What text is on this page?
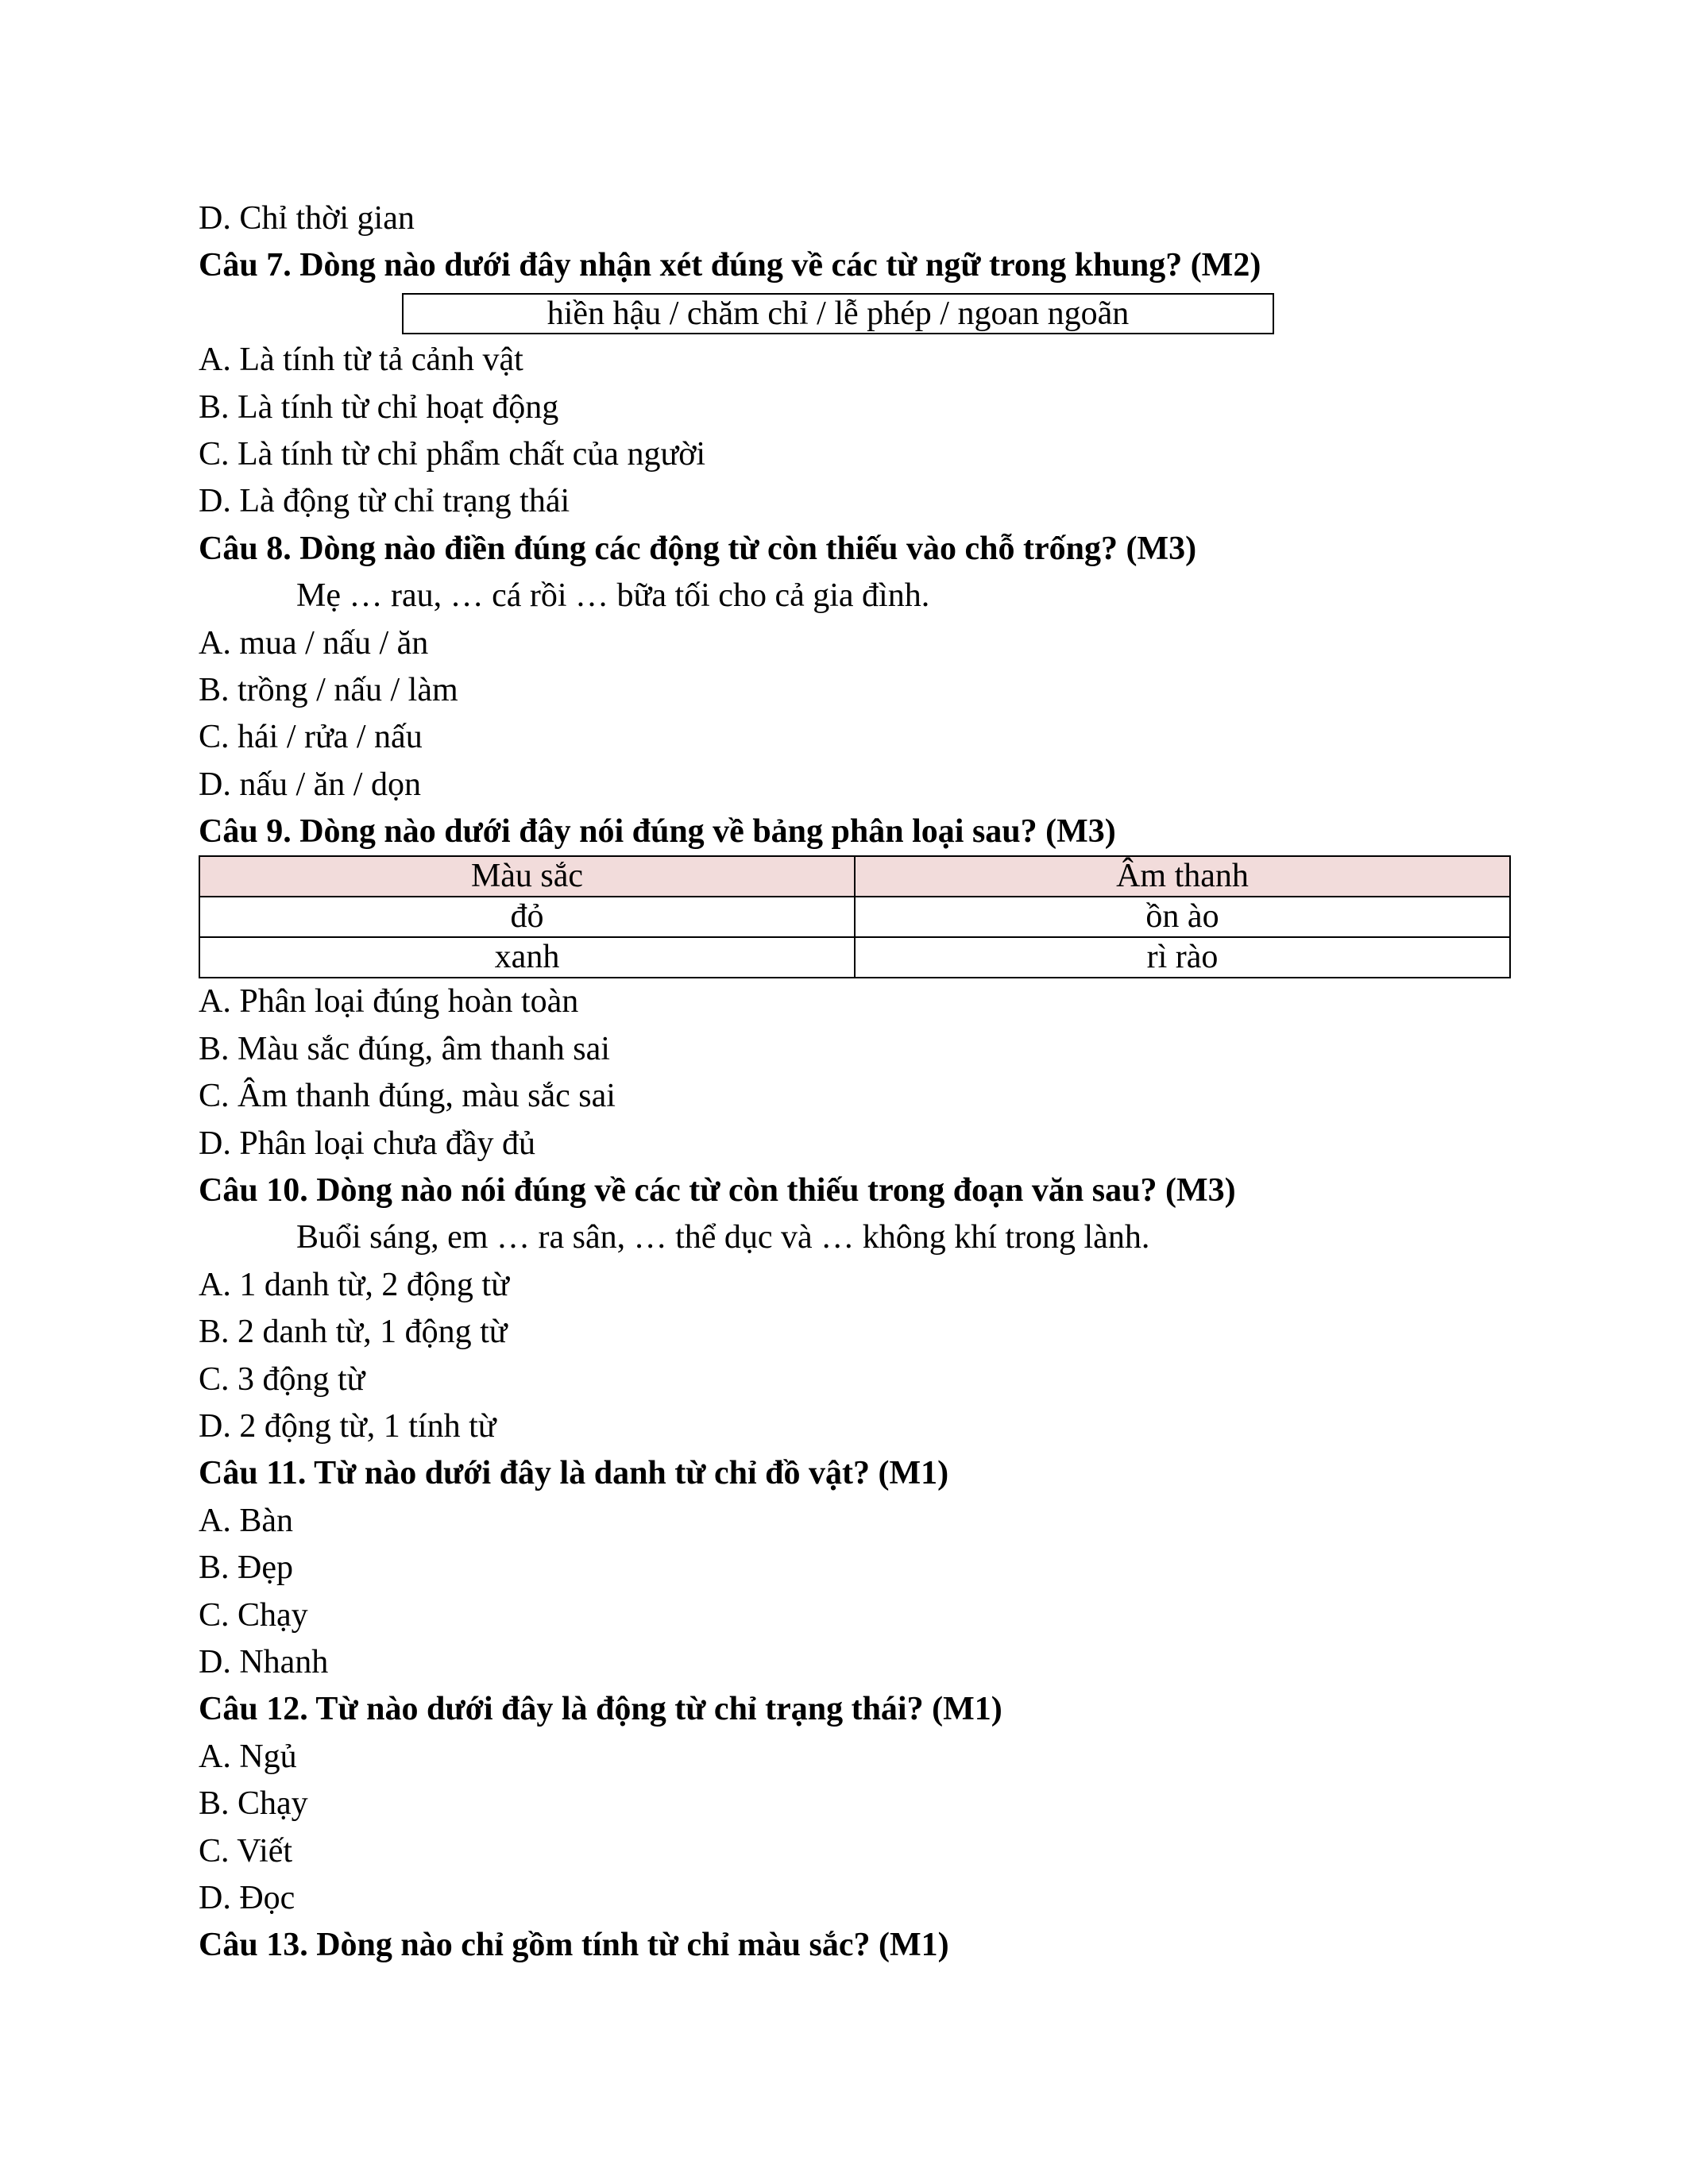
D. Chỉ thời gian
Câu 7. Dòng nào dưới đây nhận xét đúng về các từ ngữ trong khung? (M2)
hiền hậu / chăm chỉ / lễ phép / ngoan ngoãn
A. Là tính từ tả cảnh vật
B. Là tính từ chỉ hoạt động
C. Là tính từ chỉ phẩm chất của người
D. Là động từ chỉ trạng thái
Câu 8. Dòng nào điền đúng các động từ còn thiếu vào chỗ trống? (M3)
Mẹ … rau, … cá rồi … bữa tối cho cả gia đình.
A. mua / nấu / ăn
B. trồng / nấu / làm
C. hái / rửa / nấu
D. nấu / ăn / dọn
Câu 9. Dòng nào dưới đây nói đúng về bảng phân loại sau? (M3)
Màu sắc	Âm thanh
đỏ	ồn ào
xanh	rì rào
A. Phân loại đúng hoàn toàn
B. Màu sắc đúng, âm thanh sai
C. Âm thanh đúng, màu sắc sai
D. Phân loại chưa đầy đủ
Câu 10. Dòng nào nói đúng về các từ còn thiếu trong đoạn văn sau? (M3)
Buổi sáng, em … ra sân, … thể dục và … không khí trong lành.
A. 1 danh từ, 2 động từ
B. 2 danh từ, 1 động từ
C. 3 động từ
D. 2 động từ, 1 tính từ
Câu 11. Từ nào dưới đây là danh từ chỉ đồ vật? (M1)
A. Bàn
B. Đẹp
C. Chạy
D. Nhanh
Câu 12. Từ nào dưới đây là động từ chỉ trạng thái? (M1)
A. Ngủ
B. Chạy
C. Viết
D. Đọc
Câu 13. Dòng nào chỉ gồm tính từ chỉ màu sắc? (M1)
